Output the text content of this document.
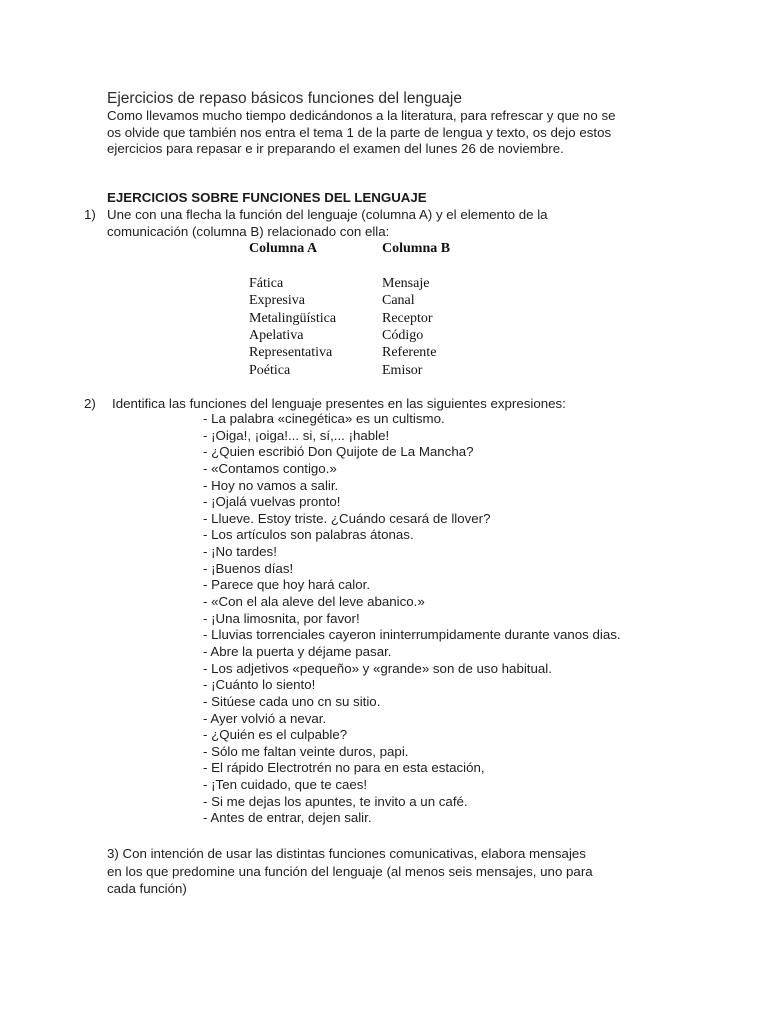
Ejercicios de repaso básicos funciones del lenguaje
Como llevamos mucho tiempo dedicándonos a la literatura, para refrescar y que no se
os olvide que también nos entra el tema 1 de la parte de lengua y texto, os dejo estos
ejercicios para repasar e ir preparando el examen del lunes 26 de noviembre.
EJERCICIOS SOBRE FUNCIONES DEL LENGUAJE
1) Une con una flecha la función del lenguaje (columna A) y el elemento de la
comunicación (columna B) relacionado con ella:
Columna A
Fática
Expresiva
Metalingüística
Apelativa
Representativa
Poética
Columna B
Mensaje
Canal
Receptor
Código
Referente
Emisor
2) Identifica las funciones del lenguaje presentes en las siguientes expresiones:
- La palabra «cinegética» es un cultismo.
- ¡Oiga!, ¡oiga!... si, sí,... ¡hable!
- ¿Quien escribió Don Quijote de La Mancha?
- «Contamos contigo.»
- Hoy no vamos a salir.
- ¡Ojalá vuelvas pronto!
- Llueve. Estoy triste. ¿Cuándo cesará de llover?
- Los artículos son palabras átonas.
- ¡No tardes!
- ¡Buenos días!
- Parece que hoy hará calor.
- «Con el ala aleve del leve abanico.»
- ¡Una limosnita, por favor!
- Lluvias torrenciales cayeron ininterrumpidamente durante vanos dias.
- Abre la puerta y déjame pasar.
- Los adjetivos «pequeño» y «grande» son de uso habitual.
- ¡Cuánto lo siento!
- Sitúese cada uno cn su sitio.
- Ayer volvió a nevar.
- ¿Quién es el culpable?
- Sólo me faltan veinte duros, papi.
- El rápido Electrotrén no para en esta estación,
- ¡Ten cuidado, que te caes!
- Si me dejas los apuntes, te invito a un café.
- Antes de entrar, dejen salir.
3) Con intención de usar las distintas funciones comunicativas, elabora mensajes
en los que predomine una función del lenguaje (al menos seis mensajes, uno para
cada función)
